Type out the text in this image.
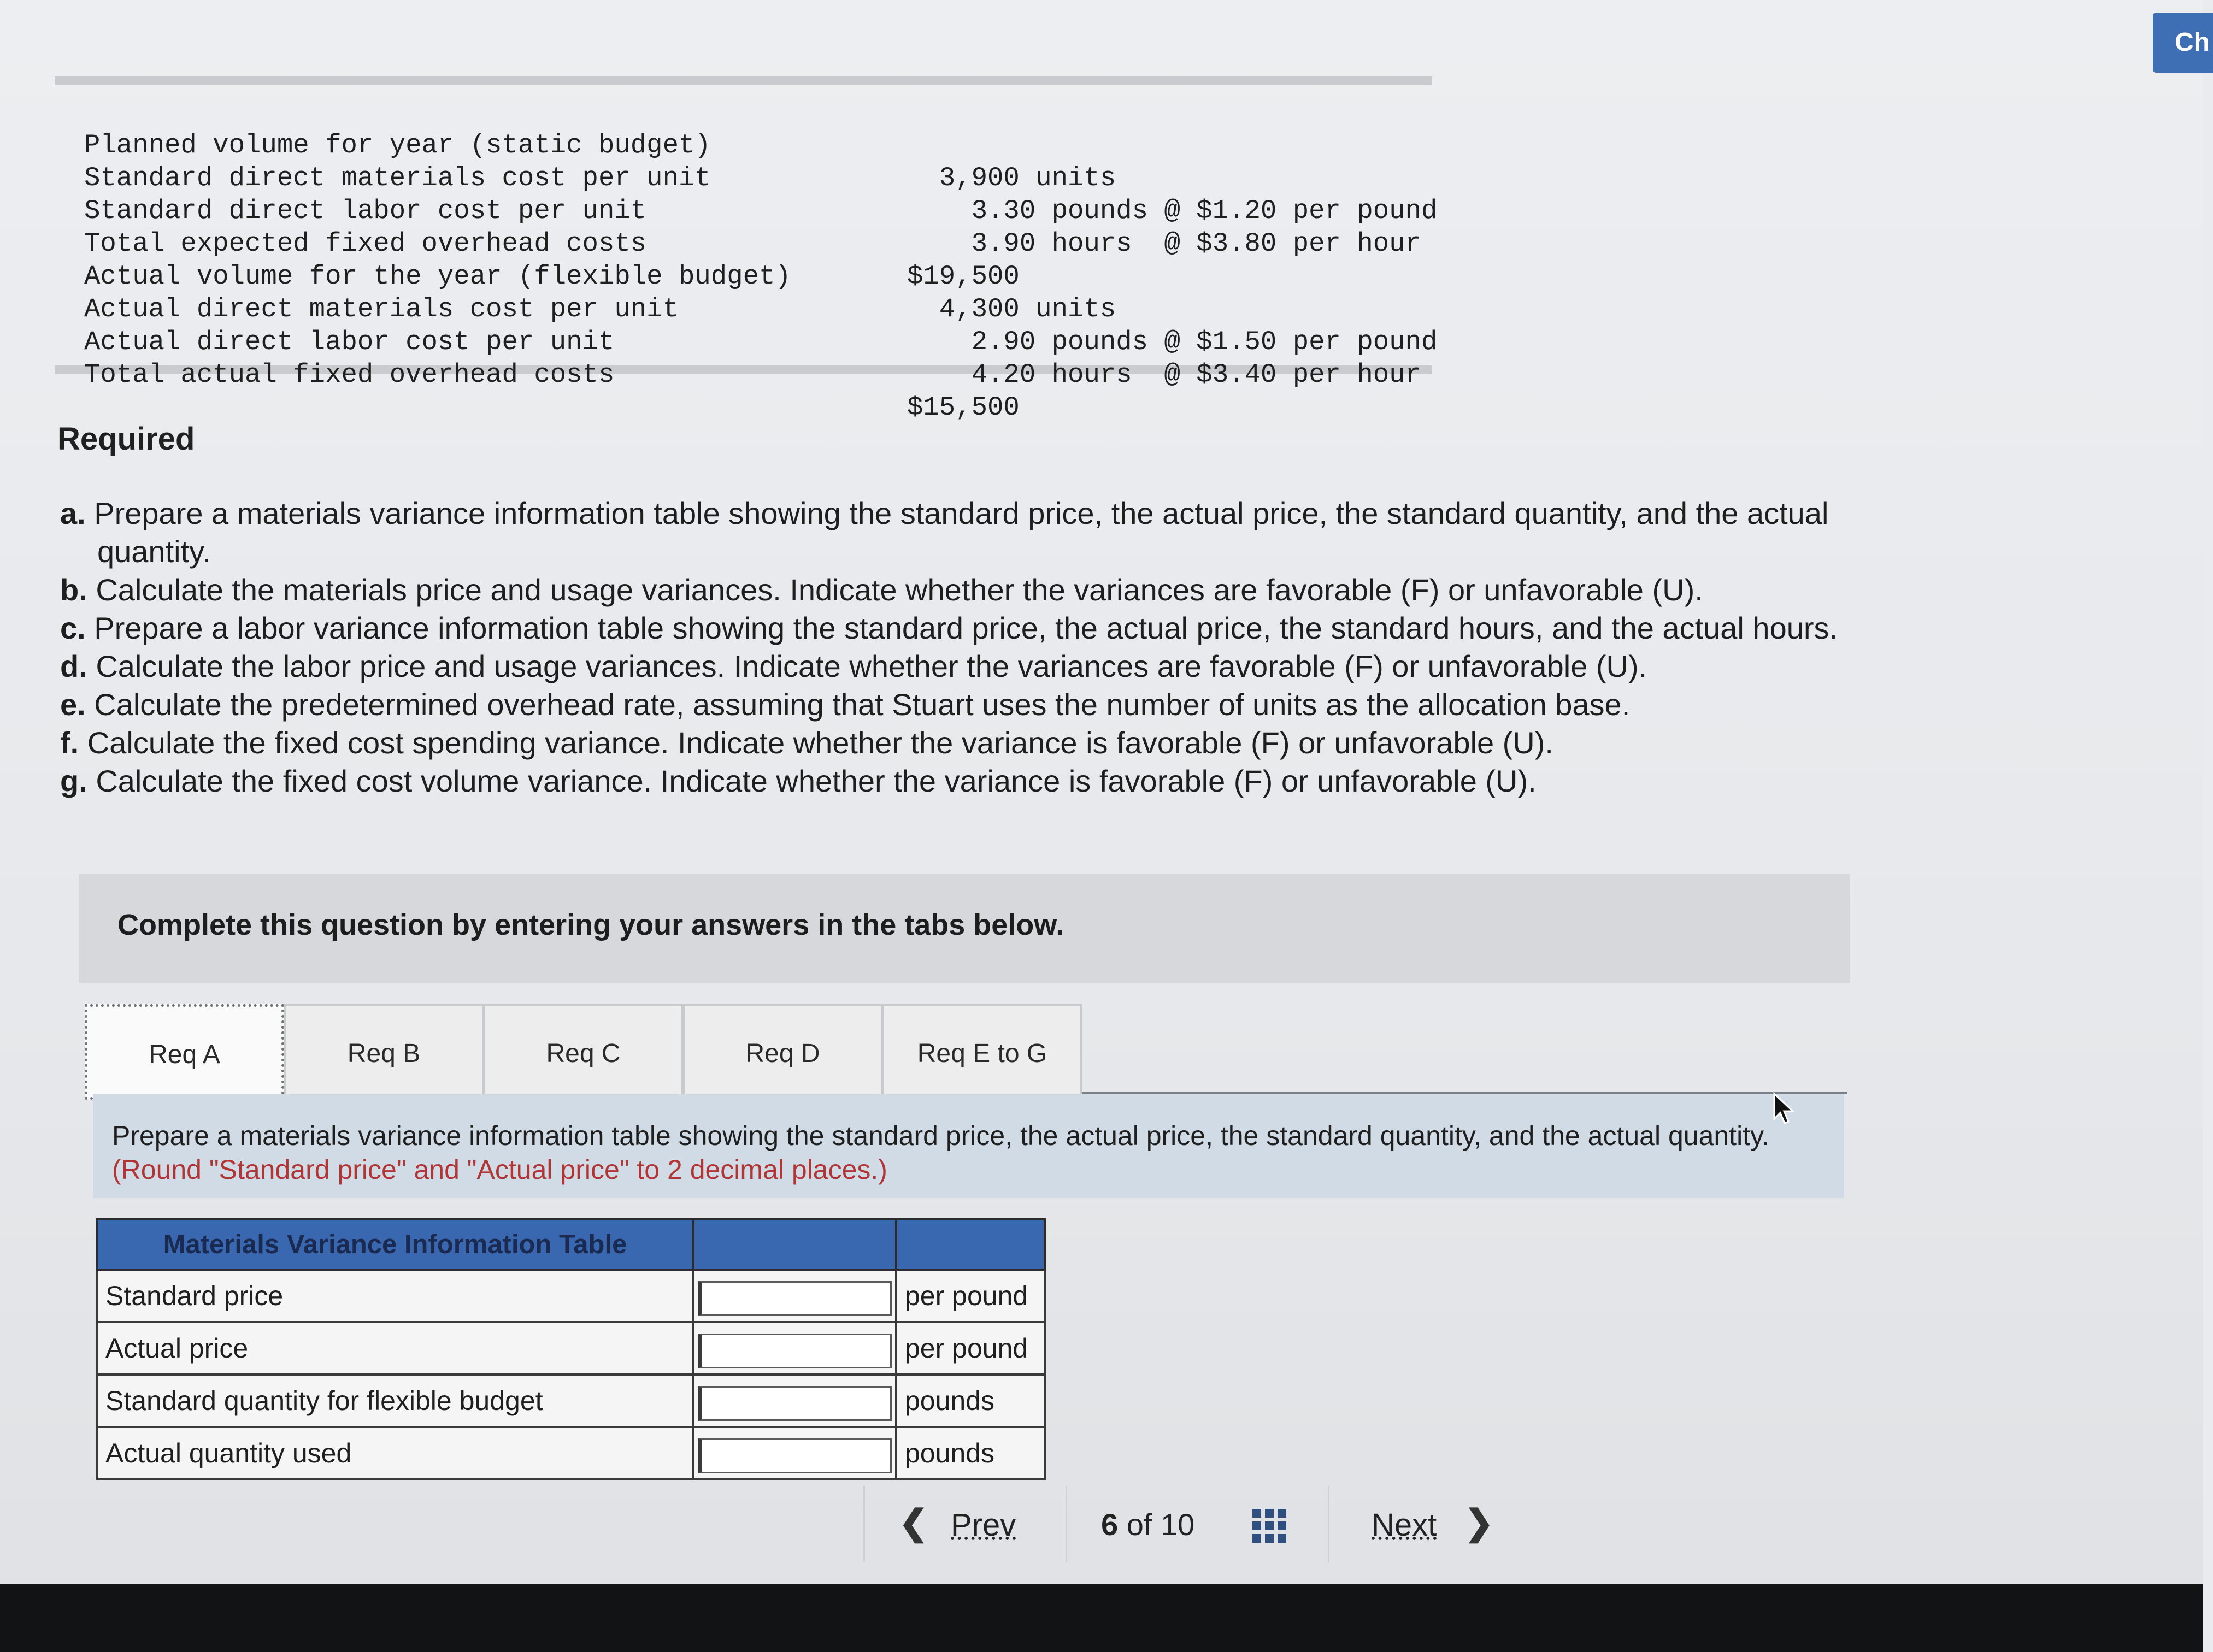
Ch

Planned volume for year (static budget)

3,900 units

Standard direct materials cost per unit

3.30 pounds @ $1.20 per pound

Standard direct labor cost per unit

3.90 hours  @ $3.80 per hour

Total expected fixed overhead costs

$19,500

Actual volume for the year (flexible budget)

4,300 units

Actual direct materials cost per unit

2.90 pounds @ $1.50 per pound

Actual direct labor cost per unit

4.20 hours  @ $3.40 per hour

Total actual fixed overhead costs

$15,500

Required
a. Prepare a materials variance information table showing the standard price, the actual price, the standard quantity, and the actual
quantity.
b. Calculate the materials price and usage variances. Indicate whether the variances are favorable (F) or unfavorable (U).
c. Prepare a labor variance information table showing the standard price, the actual price, the standard hours, and the actual hours.
d. Calculate the labor price and usage variances. Indicate whether the variances are favorable (F) or unfavorable (U).
e. Calculate the predetermined overhead rate, assuming that Stuart uses the number of units as the allocation base.
f. Calculate the fixed cost spending variance. Indicate whether the variance is favorable (F) or unfavorable (U).
g. Calculate the fixed cost volume variance. Indicate whether the variance is favorable (F) or unfavorable (U).
Complete this question by entering your answers in the tabs below.
Req A	Req B	Req C	Req D	Req E to G
Prepare a materials variance information table showing the standard price, the actual price, the standard quantity, and the actual quantity. (Round "Standard price" and "Actual price" to 2 decimal places.)
Materials Variance Information Table		
Standard price		per pound
Actual price		per pound
Standard quantity for flexible budget		pounds
Actual quantity used		pounds
❮ Prev	6 of 10	Next ❯
